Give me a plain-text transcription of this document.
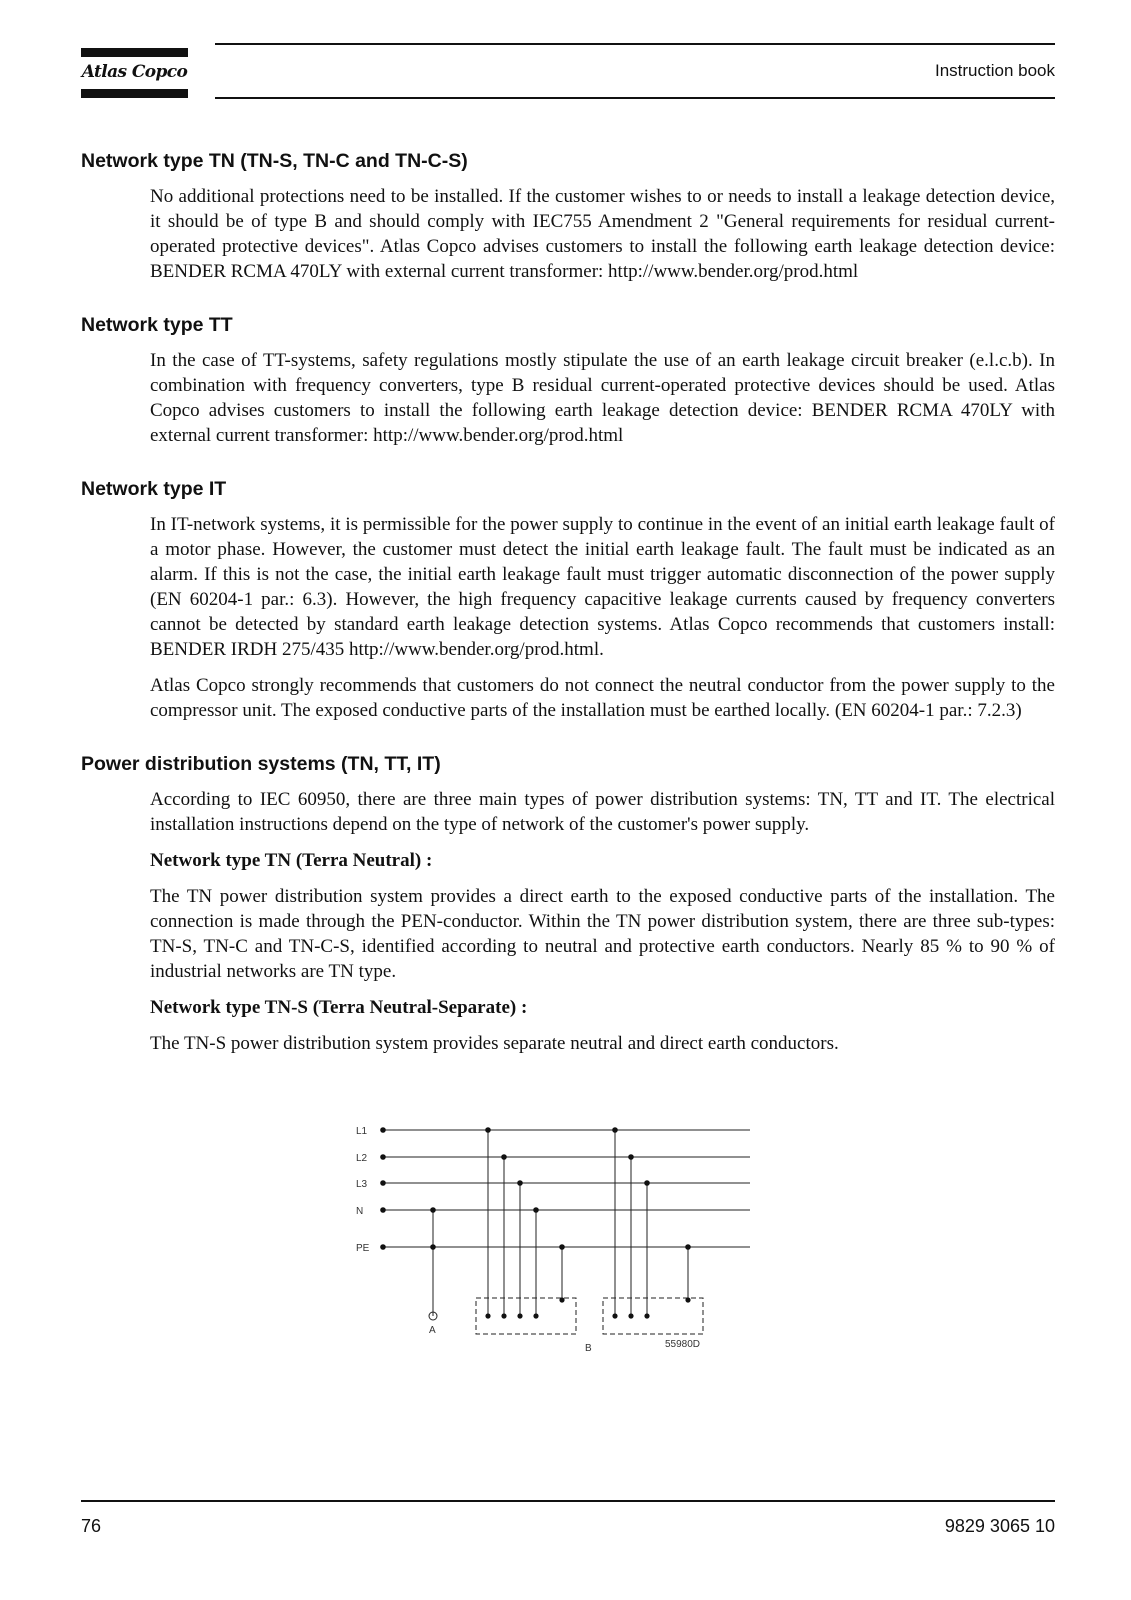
Atlas Copco	Instruction book
Network type TN (TN-S, TN-C and TN-C-S)

No additional protections need to be installed. If the customer wishes to or needs to install a leakage detection device, it should be of type B and should comply with IEC755 Amendment 2 "General requirements for residual current-operated protective devices". Atlas Copco advises customers to install the following earth leakage detection device: BENDER RCMA 470LY with external current transformer: http://www.bender.org/prod.html

Network type TT

In the case of TT-systems, safety regulations mostly stipulate the use of an earth leakage circuit breaker (e.l.c.b). In combination with frequency converters, type B residual current-operated protective devices should be used. Atlas Copco advises customers to install the following earth leakage detection device: BENDER RCMA 470LY with external current transformer: http://www.bender.org/prod.html

Network type IT

In IT-network systems, it is permissible for the power supply to continue in the event of an initial earth leakage fault of a motor phase. However, the customer must detect the initial earth leakage fault. The fault must be indicated as an alarm. If this is not the case, the initial earth leakage fault must trigger automatic disconnection of the power supply (EN 60204-1 par.: 6.3). However, the high frequency capacitive leakage currents caused by frequency converters cannot be detected by standard earth leakage detection systems. Atlas Copco recommends that customers install: BENDER IRDH 275/435 http://www.bender.org/prod.html.

Atlas Copco strongly recommends that customers do not connect the neutral conductor from the power supply to the compressor unit. The exposed conductive parts of the installation must be earthed locally. (EN 60204-1 par.: 7.2.3)

Power distribution systems (TN, TT, IT)

According to IEC 60950, there are three main types of power distribution systems: TN, TT and IT. The electrical installation instructions depend on the type of network of the customer's power supply.

Network type TN (Terra Neutral) :

The TN power distribution system provides a direct earth to the exposed conductive parts of the installation. The connection is made through the PEN-conductor. Within the TN power distribution system, there are three sub-types: TN-S, TN-C and TN-C-S, identified according to neutral and protective earth conductors. Nearly 85 % to 90 % of industrial networks are TN type.

Network type TN-S (Terra Neutral-Separate) :

The TN-S power distribution system provides separate neutral and direct earth conductors.

L1
L2
L3
N
PE
A
B	55980D
76	9829 3065 10
